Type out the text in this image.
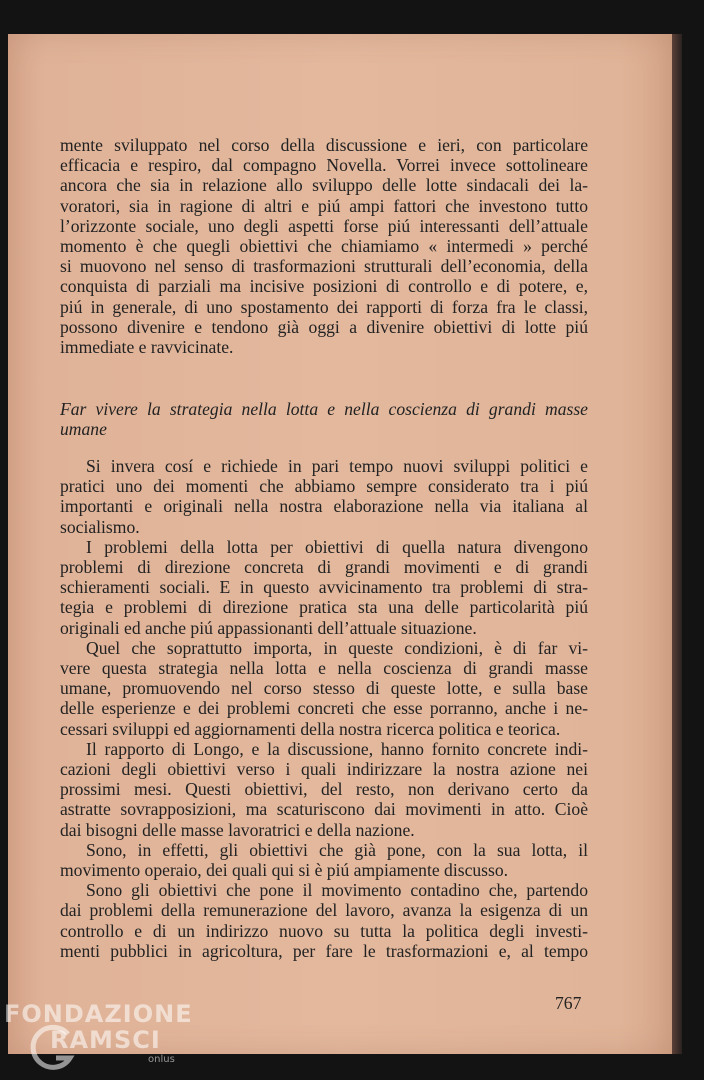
mente sviluppato nel corso della discussione e ieri, con particolare
efficacia e respiro, dal compagno Novella. Vorrei invece sottolineare
ancora che sia in relazione allo sviluppo delle lotte sindacali dei la-
voratori, sia in ragione di altri e piú ampi fattori che investono tutto
l’orizzonte sociale, uno degli aspetti forse piú interessanti dell’attuale
momento è che quegli obiettivi che chiamiamo « intermedi » perché
si muovono nel senso di trasformazioni strutturali dell’economia, della
conquista di parziali ma incisive posizioni di controllo e di potere, e,
piú in generale, di uno spostamento dei rapporti di forza fra le classi,
possono divenire e tendono già oggi a divenire obiettivi di lotte piú
immediate e ravvicinate.
Far vivere la strategia nella lotta e nella coscienza di grandi masse
umane
Si invera cosí e richiede in pari tempo nuovi sviluppi politici e
pratici uno dei momenti che abbiamo sempre considerato tra i piú
importanti e originali nella nostra elaborazione nella via italiana al
socialismo.
I problemi della lotta per obiettivi di quella natura divengono
problemi di direzione concreta di grandi movimenti e di grandi
schieramenti sociali. E in questo avvicinamento tra problemi di stra-
tegia e problemi di direzione pratica sta una delle particolarità piú
originali ed anche piú appassionanti dell’attuale situazione.
Quel che soprattutto importa, in queste condizioni, è di far vi-
vere questa strategia nella lotta e nella coscienza di grandi masse
umane, promuovendo nel corso stesso di queste lotte, e sulla base
delle esperienze e dei problemi concreti che esse porranno, anche i ne-
cessari sviluppi ed aggiornamenti della nostra ricerca politica e teorica.
Il rapporto di Longo, e la discussione, hanno fornito concrete indi-
cazioni degli obiettivi verso i quali indirizzare la nostra azione nei
prossimi mesi. Questi obiettivi, del resto, non derivano certo da
astratte sovrapposizioni, ma scaturiscono dai movimenti in atto. Cioè
dai bisogni delle masse lavoratrici e della nazione.
Sono, in effetti, gli obiettivi che già pone, con la sua lotta, il
movimento operaio, dei quali qui si è piú ampiamente discusso.
Sono gli obiettivi che pone il movimento contadino che, partendo
dai problemi della remunerazione del lavoro, avanza la esigenza di un
controllo e di un indirizzo nuovo su tutta la politica degli investi-
menti pubblici in agricoltura, per fare le trasformazioni e, al tempo
767
FONDAZIONE
RAMSCI
onlus
